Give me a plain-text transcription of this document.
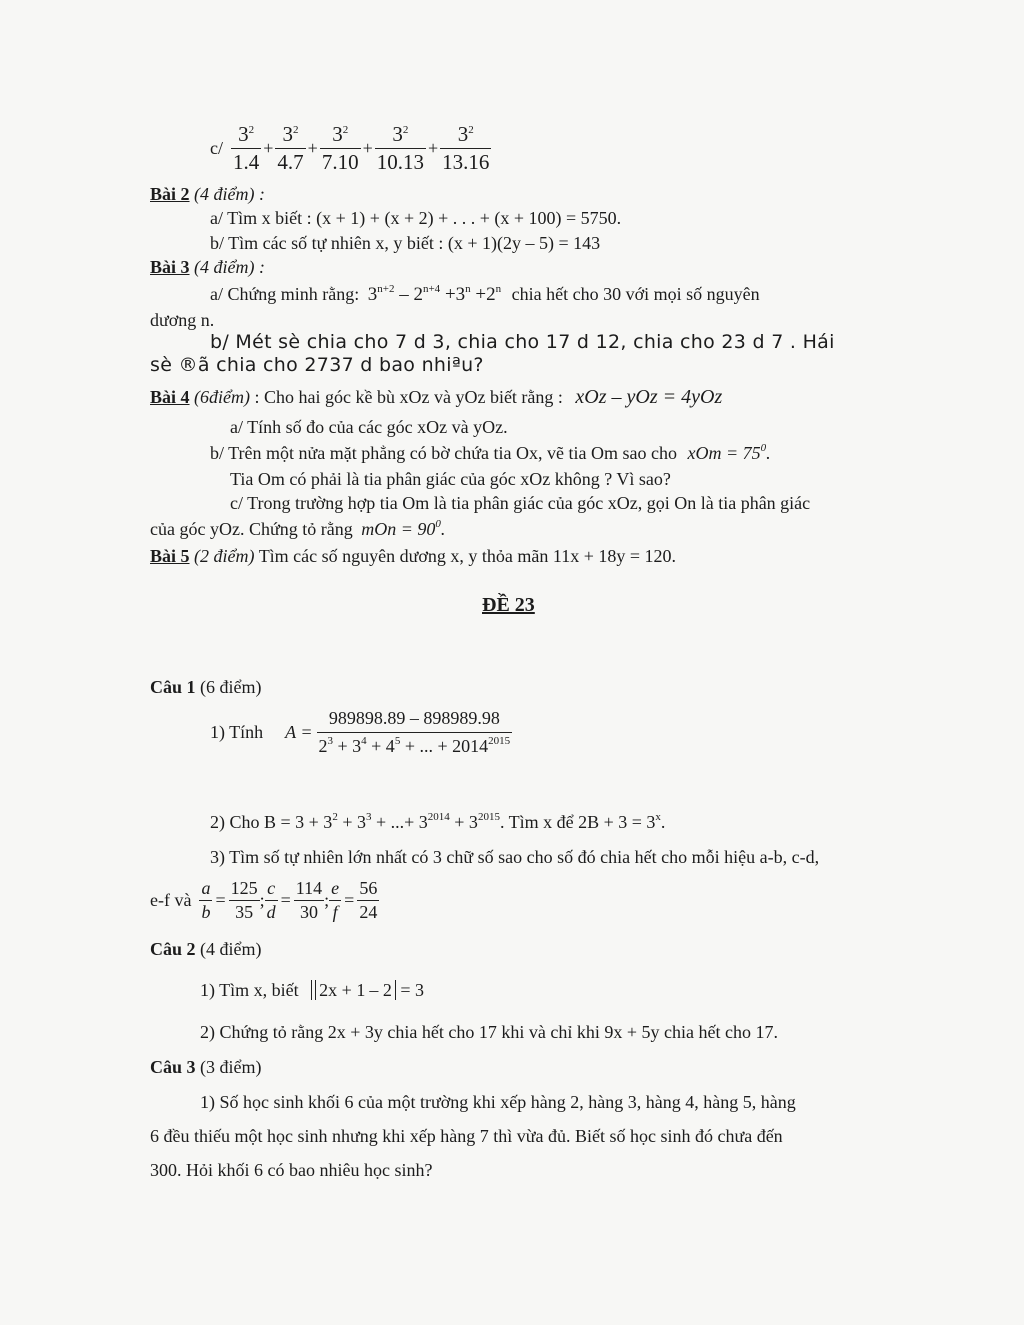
$c/ \frac{3^2}{1.4} + \frac{3^2}{4.7} + \frac{3^2}{7.10} + \frac{3^2}{10.13} + \frac{3^2}{13.16}$
Bài 2 (4 điểm) :
a/ Tìm x biết : (x + 1) + (x + 2) + . . . + (x + 100) = 5750.
b/ Tìm các số tự nhiên x, y biết : (x + 1)(2y – 5) = 143
Bài 3 (4 điểm) :
a/ Chứng minh rằng: $3^{n+2} - 2^{n+4} +3^n +2^n$ chia hết cho 30 với mọi số nguyên
dương n.
b/ Mét sè chia cho 7 d 3, chia cho 17 d 12, chia cho 23 d 7 . Hái
sè ®ã chia cho 2737 d bao nhiªu?
Bài 4 (6điểm) : Cho hai góc kề bù xOz và yOz biết rằng : xOz – yOz = 4yOz
a/ Tính số đo của các góc xOz và yOz.
b/ Trên một nửa mặt phẳng có bờ chứa tia Ox, vẽ tia Om sao cho xOm = $75^0$.
Tia Om có phải là tia phân giác của góc xOz không ? Vì sao?
c/ Trong trường hợp tia Om là tia phân giác của góc xOz, gọi On là tia phân giác
của góc yOz. Chứng tỏ rằng mOn = $90^0$.
Bài 5 (2 điểm) Tìm các số nguyên dương x, y thỏa mãn 11x + 18y = 120.
ĐỀ 23
Câu 1 (6 điểm)
1) Tính $A = \frac{989898.89 - 898989.98}{2^3 + 3^4 + 4^5 + ... + 2014^{2015}}$
2) Cho $B = 3 + 3^2 + 3^3$ + ...+ $3^{2014} + 3^{2015}$. Tìm x để $2B + 3 = 3^x$.
3) Tìm số tự nhiên lớn nhất có 3 chữ số sao cho số đó chia hết cho mỗi hiệu a-b, c-d,
e-f và $\frac{a}{b} = \frac{125}{35}$ ; $\frac{c}{d} = \frac{114}{30}$ ; $\frac{e}{f} = \frac{56}{24}$
Câu 2 (4 điểm)
1) Tìm x, biết 2x + 1 – 2 = 3
2) Chứng tỏ rằng 2x + 3y chia hết cho 17 khi và chỉ khi 9x + 5y chia hết cho 17.
Câu 3 (3 điểm)
1) Số học sinh khối 6 của một trường khi xếp hàng 2, hàng 3, hàng 4, hàng 5, hàng
6 đều thiếu một học sinh nhưng khi xếp hàng 7 thì vừa đủ. Biết số học sinh đó chưa đến
300. Hỏi khối 6 có bao nhiêu học sinh?
